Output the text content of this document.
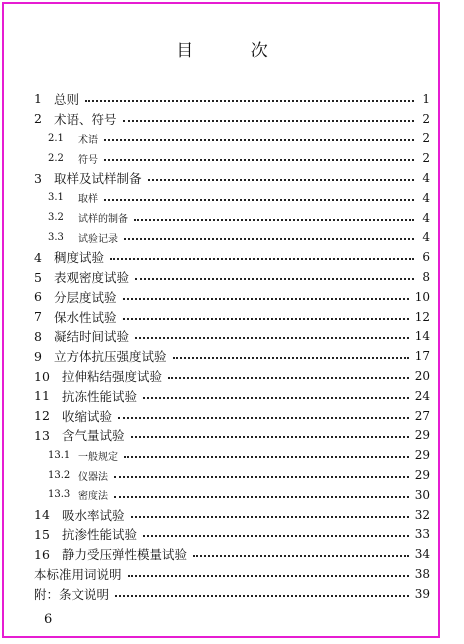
目 次
1 总则	1
2 术语、符号	2
2.1	术语	2
2.2	符号	2
3 取样及试样制备	4
3.1	取样	4
3.2	试样的制备	4
3.3	试验记录	4
4 稠度试验	6
5 表观密度试验	8
6 分层度试验	10
7 保水性试验	12
8 凝结时间试验	14
9 立方体抗压强度试验	17
10 拉伸粘结强度试验	20
11 抗冻性能试验	24
12 收缩试验	27
13 含气量试验	29
13.1 一般规定	29
13.2 仪器法	29
13.3 密度法	30
14 吸水率试验	32
15 抗渗性能试验	33
16 静力受压弹性模量试验	34
本标准用词说明	38
附：条文说明	39
6
